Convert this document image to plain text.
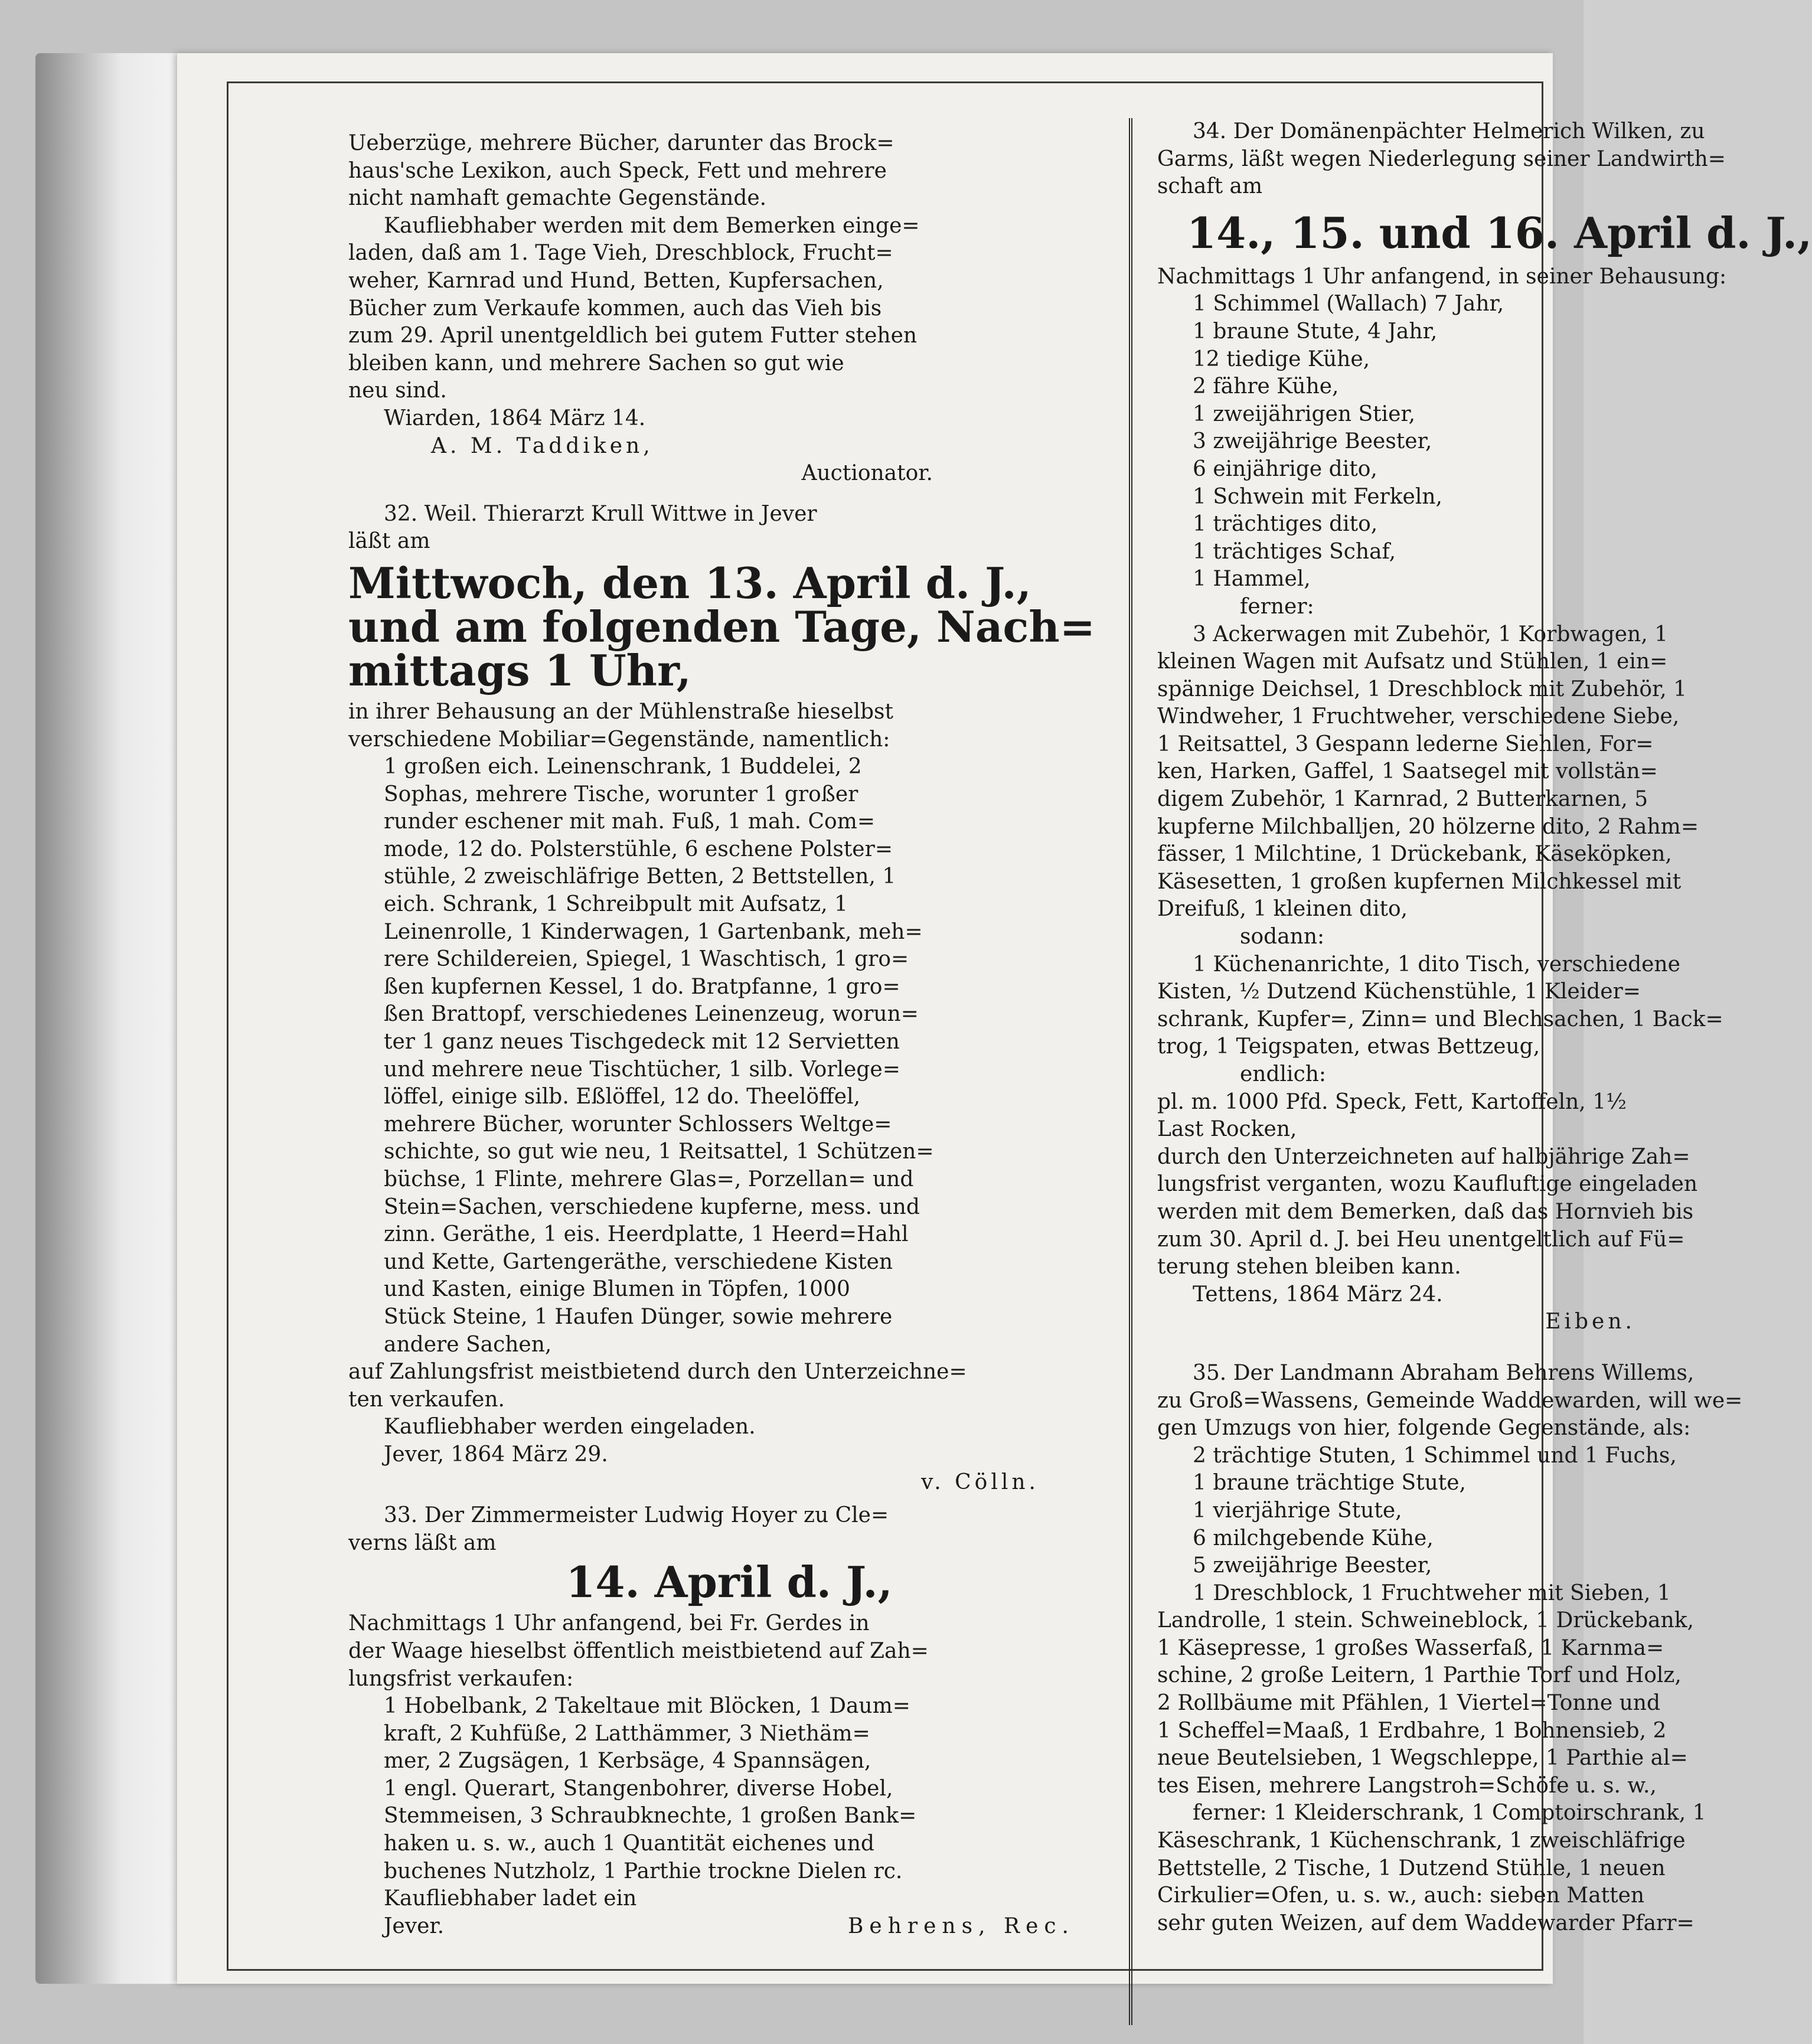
Ueberzüge, mehrere Bücher, darunter das Brock=
haus'sche Lexikon, auch Speck, Fett und mehrere
nicht namhaft gemachte Gegenstände.
Kaufliebhaber werden mit dem Bemerken einge=
laden, daß am 1. Tage Vieh, Dreschblock, Frucht=
weher, Karnrad und Hund, Betten, Kupfersachen,
Bücher zum Verkaufe kommen, auch das Vieh bis
zum 29. April unentgeldlich bei gutem Futter stehen
bleiben kann, und mehrere Sachen so gut wie
neu sind.
Wiarden, 1864 März 14.
A. M. Taddiken,
Auctionator.
32. Weil. Thierarzt Krull Wittwe in Jever
läßt am
Mittwoch, den 13. April d. J.,
und am folgenden Tage, Nach=
mittags 1 Uhr,
in ihrer Behausung an der Mühlenstraße hieselbst
verschiedene Mobiliar=Gegenstände, namentlich:
1 großen eich. Leinenschrank, 1 Buddelei, 2
Sophas, mehrere Tische, worunter 1 großer
runder eschener mit mah. Fuß, 1 mah. Com=
mode, 12 do. Polsterstühle, 6 eschene Polster=
stühle, 2 zweischläfrige Betten, 2 Bettstellen, 1
eich. Schrank, 1 Schreibpult mit Aufsatz, 1
Leinenrolle, 1 Kinderwagen, 1 Gartenbank, meh=
rere Schildereien, Spiegel, 1 Waschtisch, 1 gro=
ßen kupfernen Kessel, 1 do. Bratpfanne, 1 gro=
ßen Brattopf, verschiedenes Leinenzeug, worun=
ter 1 ganz neues Tischgedeck mit 12 Servietten
und mehrere neue Tischtücher, 1 silb. Vorlege=
löffel, einige silb. Eßlöffel, 12 do. Theelöffel,
mehrere Bücher, worunter Schlossers Weltge=
schichte, so gut wie neu, 1 Reitsattel, 1 Schützen=
büchse, 1 Flinte, mehrere Glas=, Porzellan= und
Stein=Sachen, verschiedene kupferne, mess. und
zinn. Geräthe, 1 eis. Heerdplatte, 1 Heerd=Hahl
und Kette, Gartengeräthe, verschiedene Kisten
und Kasten, einige Blumen in Töpfen, 1000
Stück Steine, 1 Haufen Dünger, sowie mehrere
andere Sachen,
auf Zahlungsfrist meistbietend durch den Unterzeichne=
ten verkaufen.
Kaufliebhaber werden eingeladen.
Jever, 1864 März 29.
v. Cölln.
33. Der Zimmermeister Ludwig Hoyer zu Cle=
verns läßt am
14. April d. J.,
Nachmittags 1 Uhr anfangend, bei Fr. Gerdes in
der Waage hieselbst öffentlich meistbietend auf Zah=
lungsfrist verkaufen:
1 Hobelbank, 2 Takeltaue mit Blöcken, 1 Daum=
kraft, 2 Kuhfüße, 2 Latthämmer, 3 Niethäm=
mer, 2 Zugsägen, 1 Kerbsäge, 4 Spannsägen,
1 engl. Querart, Stangenbohrer, diverse Hobel,
Stemmeisen, 3 Schraubknechte, 1 großen Bank=
haken u. s. w., auch 1 Quantität eichenes und
buchenes Nutzholz, 1 Parthie trockne Dielen rc.
Kaufliebhaber ladet ein
Jever.	Behrens, Rec.
34. Der Domänenpächter Helmerich Wilken, zu
Garms, läßt wegen Niederlegung seiner Landwirth=
schaft am
14., 15. und 16. April d. J.,
Nachmittags 1 Uhr anfangend, in seiner Behausung:
1 Schimmel (Wallach) 7 Jahr,
1 braune Stute, 4 Jahr,
12 tiedige Kühe,
2 fähre Kühe,
1 zweijährigen Stier,
3 zweijährige Beester,
6 einjährige dito,
1 Schwein mit Ferkeln,
1 trächtiges dito,
1 trächtiges Schaf,
1 Hammel,
ferner:
3 Ackerwagen mit Zubehör, 1 Korbwagen, 1
kleinen Wagen mit Aufsatz und Stühlen, 1 ein=
spännige Deichsel, 1 Dreschblock mit Zubehör, 1
Windweher, 1 Fruchtweher, verschiedene Siebe,
1 Reitsattel, 3 Gespann lederne Siehlen, For=
ken, Harken, Gaffel, 1 Saatsegel mit vollstän=
digem Zubehör, 1 Karnrad, 2 Butterkarnen, 5
kupferne Milchballjen, 20 hölzerne dito, 2 Rahm=
fässer, 1 Milchtine, 1 Drückebank, Käseköpken,
Käsesetten, 1 großen kupfernen Milchkessel mit
Dreifuß, 1 kleinen dito,
sodann:
1 Küchenanrichte, 1 dito Tisch, verschiedene
Kisten, ½ Dutzend Küchenstühle, 1 Kleider=
schrank, Kupfer=, Zinn= und Blechsachen, 1 Back=
trog, 1 Teigspaten, etwas Bettzeug,
endlich:
pl. m. 1000 Pfd. Speck, Fett, Kartoffeln, 1½
Last Rocken,
durch den Unterzeichneten auf halbjährige Zah=
lungsfrist verganten, wozu Kaufluftige eingeladen
werden mit dem Bemerken, daß das Hornvieh bis
zum 30. April d. J. bei Heu unentgeltlich auf Fü=
terung stehen bleiben kann.
Tettens, 1864 März 24.
Eiben.
35. Der Landmann Abraham Behrens Willems,
zu Groß=Wassens, Gemeinde Waddewarden, will we=
gen Umzugs von hier, folgende Gegenstände, als:
2 trächtige Stuten, 1 Schimmel und 1 Fuchs,
1 braune trächtige Stute,
1 vierjährige Stute,
6 milchgebende Kühe,
5 zweijährige Beester,
1 Dreschblock, 1 Fruchtweher mit Sieben, 1
Landrolle, 1 stein. Schweineblock, 1 Drückebank,
1 Käsepresse, 1 großes Wasserfaß, 1 Karnma=
schine, 2 große Leitern, 1 Parthie Torf und Holz,
2 Rollbäume mit Pfählen, 1 Viertel=Tonne und
1 Scheffel=Maaß, 1 Erdbahre, 1 Bohnensieb, 2
neue Beutelsieben, 1 Wegschleppe, 1 Parthie al=
tes Eisen, mehrere Langstroh=Schöfe u. s. w.,
ferner: 1 Kleiderschrank, 1 Comptoirschrank, 1
Käseschrank, 1 Küchenschrank, 1 zweischläfrige
Bettstelle, 2 Tische, 1 Dutzend Stühle, 1 neuen
Cirkulier=Ofen, u. s. w., auch: sieben Matten
sehr guten Weizen, auf dem Waddewarder Pfarr=
